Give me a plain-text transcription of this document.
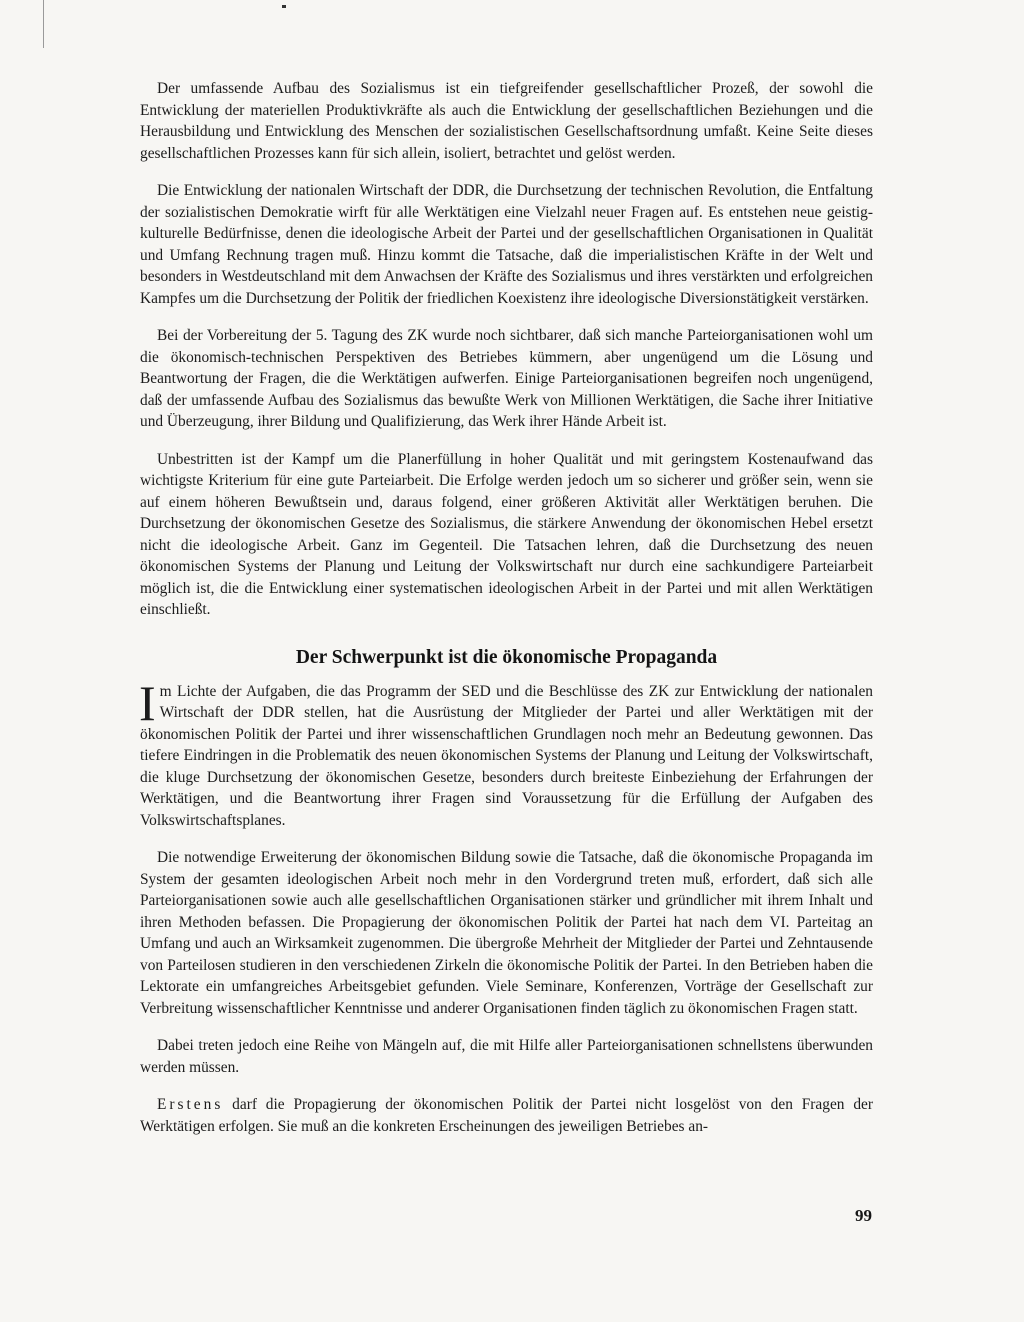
Der umfassende Aufbau des Sozialismus ist ein tiefgreifender gesellschaftlicher Prozeß, der sowohl die Entwicklung der materiellen Produktivkräfte als auch die Entwicklung der gesellschaftlichen Beziehungen und die Herausbildung und Entwicklung des Menschen der sozialistischen Gesellschaftsordnung umfaßt. Keine Seite dieses gesellschaftlichen Prozesses kann für sich allein, isoliert, betrachtet und gelöst werden.

Die Entwicklung der nationalen Wirtschaft der DDR, die Durchsetzung der technischen Revolution, die Entfaltung der sozialistischen Demokratie wirft für alle Werktätigen eine Vielzahl neuer Fragen auf. Es entstehen neue geistig-kulturelle Bedürfnisse, denen die ideologische Arbeit der Partei und der gesellschaftlichen Organisationen in Qualität und Umfang Rechnung tragen muß. Hinzu kommt die Tatsache, daß die imperialistischen Kräfte in der Welt und besonders in Westdeutschland mit dem Anwachsen der Kräfte des Sozialismus und ihres verstärkten und erfolgreichen Kampfes um die Durchsetzung der Politik der friedlichen Koexistenz ihre ideologische Diversionstätigkeit verstärken.

Bei der Vorbereitung der 5. Tagung des ZK wurde noch sichtbarer, daß sich manche Parteiorganisationen wohl um die ökonomisch-technischen Perspektiven des Betriebes kümmern, aber ungenügend um die Lösung und Beantwortung der Fragen, die die Werktätigen aufwerfen. Einige Parteiorganisationen begreifen noch ungenügend, daß der umfassende Aufbau des Sozialismus das bewußte Werk von Millionen Werktätigen, die Sache ihrer Initiative und Überzeugung, ihrer Bildung und Qualifizierung, das Werk ihrer Hände Arbeit ist.

Unbestritten ist der Kampf um die Planerfüllung in hoher Qualität und mit geringstem Kostenaufwand das wichtigste Kriterium für eine gute Parteiarbeit. Die Erfolge werden jedoch um so sicherer und größer sein, wenn sie auf einem höheren Bewußtsein und, daraus folgend, einer größeren Aktivität aller Werktätigen beruhen. Die Durchsetzung der ökonomischen Gesetze des Sozialismus, die stärkere Anwendung der ökonomischen Hebel ersetzt nicht die ideologische Arbeit. Ganz im Gegenteil. Die Tatsachen lehren, daß die Durchsetzung des neuen ökonomischen Systems der Planung und Leitung der Volkswirtschaft nur durch eine sachkundigere Parteiarbeit möglich ist, die die Entwicklung einer systematischen ideologischen Arbeit in der Partei und mit allen Werktätigen einschließt.

Der Schwerpunkt ist die ökonomische Propaganda

Im Lichte der Aufgaben, die das Programm der SED und die Beschlüsse des ZK zur Entwicklung der nationalen Wirtschaft der DDR stellen, hat die Ausrüstung der Mitglieder der Partei und aller Werktätigen mit der ökonomischen Politik der Partei und ihrer wissenschaftlichen Grundlagen noch mehr an Bedeutung gewonnen. Das tiefere Eindringen in die Problematik des neuen ökonomischen Systems der Planung und Leitung der Volkswirtschaft, die kluge Durchsetzung der ökonomischen Gesetze, besonders durch breiteste Einbeziehung der Erfahrungen der Werktätigen, und die Beantwortung ihrer Fragen sind Voraussetzung für die Erfüllung der Aufgaben des Volkswirtschaftsplanes.

Die notwendige Erweiterung der ökonomischen Bildung sowie die Tatsache, daß die ökonomische Propaganda im System der gesamten ideologischen Arbeit noch mehr in den Vordergrund treten muß, erfordert, daß sich alle Parteiorganisationen sowie auch alle gesellschaftlichen Organisationen stärker und gründlicher mit ihrem Inhalt und ihren Methoden befassen. Die Propagierung der ökonomischen Politik der Partei hat nach dem VI. Parteitag an Umfang und auch an Wirksamkeit zugenommen. Die übergroße Mehrheit der Mitglieder der Partei und Zehntausende von Parteilosen studieren in den verschiedenen Zirkeln die ökonomische Politik der Partei. In den Betrieben haben die Lektorate ein umfangreiches Arbeitsgebiet gefunden. Viele Seminare, Konferenzen, Vorträge der Gesellschaft zur Verbreitung wissenschaftlicher Kenntnisse und anderer Organisationen finden täglich zu ökonomischen Fragen statt.

Dabei treten jedoch eine Reihe von Mängeln auf, die mit Hilfe aller Parteiorganisationen schnellstens überwunden werden müssen.

Erstens darf die Propagierung der ökonomischen Politik der Partei nicht losgelöst von den Fragen der Werktätigen erfolgen. Sie muß an die konkreten Erscheinungen des jeweiligen Betriebes an-

99
